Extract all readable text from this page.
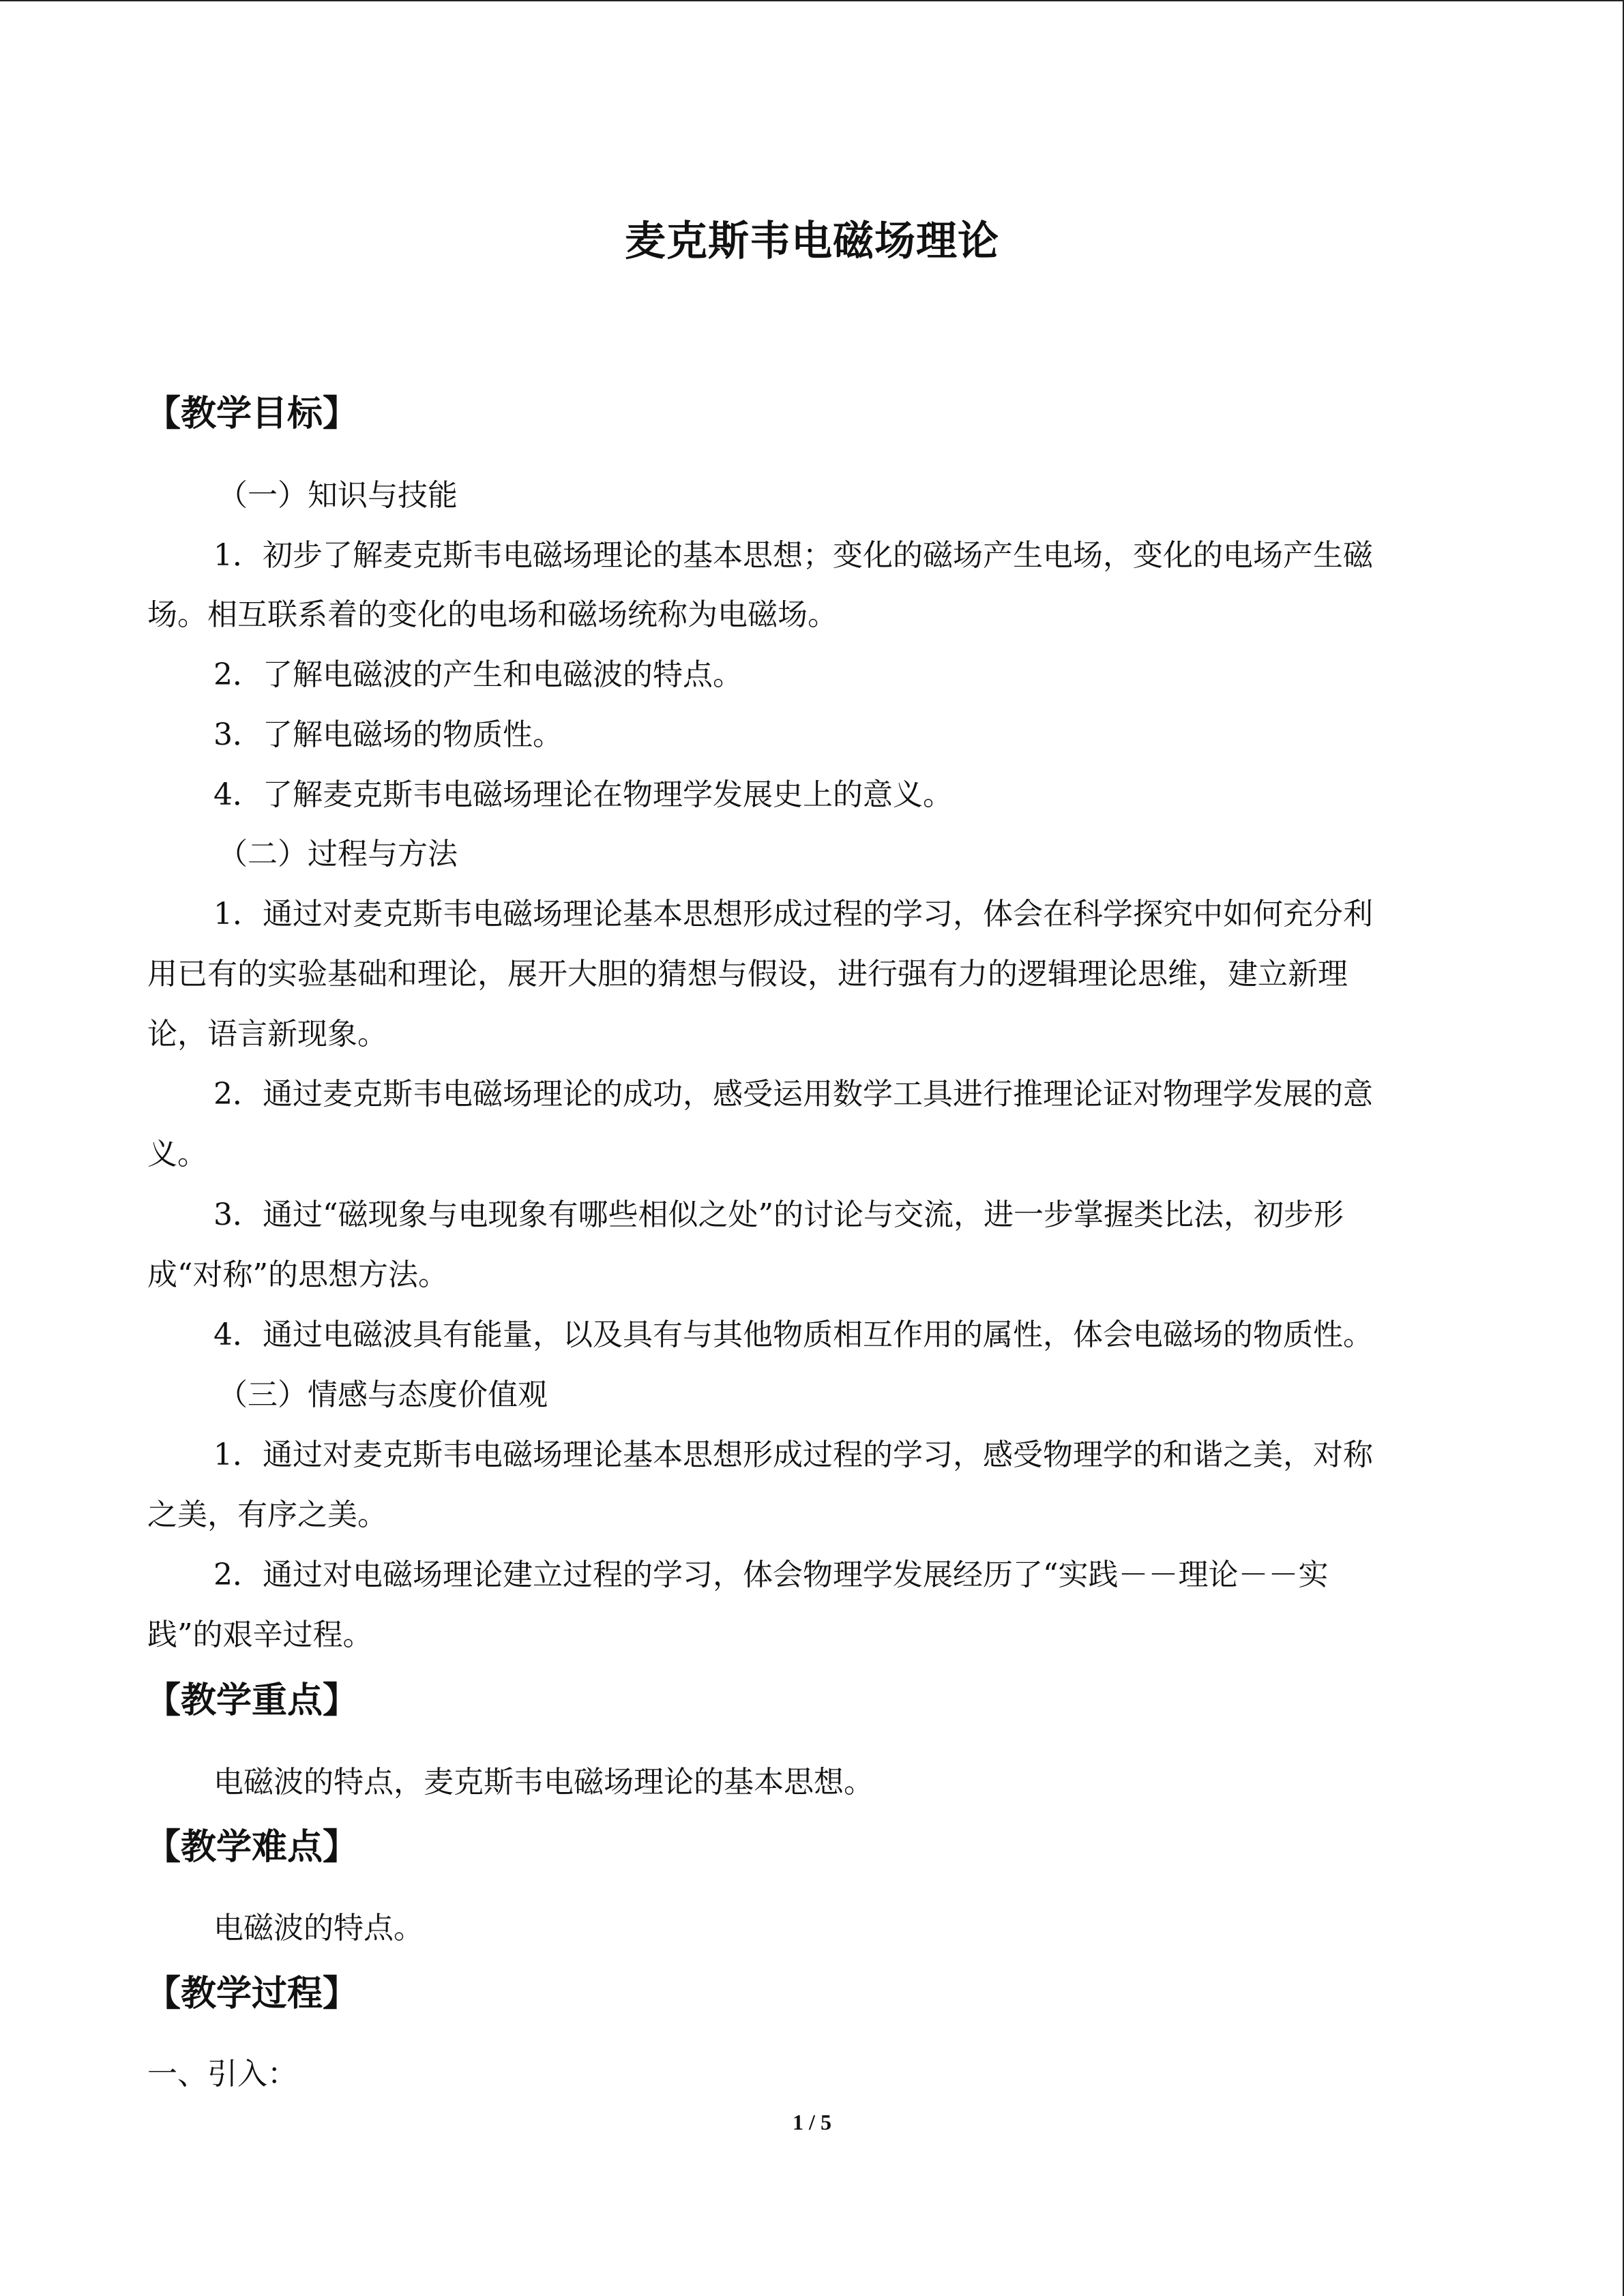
麦克斯韦电磁场理论
【教学目标】
（一）知识与技能
1．初步了解麦克斯韦电磁场理论的基本思想；变化的磁场产生电场，变化的电场产生磁
场。相互联系着的变化的电场和磁场统称为电磁场。
2．了解电磁波的产生和电磁波的特点。
3．了解电磁场的物质性。
4．了解麦克斯韦电磁场理论在物理学发展史上的意义。
（二）过程与方法
1．通过对麦克斯韦电磁场理论基本思想形成过程的学习，体会在科学探究中如何充分利
用已有的实验基础和理论，展开大胆的猜想与假设，进行强有力的逻辑理论思维，建立新理
论，语言新现象。
2．通过麦克斯韦电磁场理论的成功，感受运用数学工具进行推理论证对物理学发展的意
义。
3．通过“磁现象与电现象有哪些相似之处”的讨论与交流，进一步掌握类比法，初步形
成“对称”的思想方法。
4．通过电磁波具有能量，以及具有与其他物质相互作用的属性，体会电磁场的物质性。
（三）情感与态度价值观
1．通过对麦克斯韦电磁场理论基本思想形成过程的学习，感受物理学的和谐之美，对称
之美，有序之美。
2．通过对电磁场理论建立过程的学习，体会物理学发展经历了“实践－－理论－－实
践”的艰辛过程。
【教学重点】
电磁波的特点，麦克斯韦电磁场理论的基本思想。
【教学难点】
电磁波的特点。
【教学过程】
一、引入：
1 / 5
